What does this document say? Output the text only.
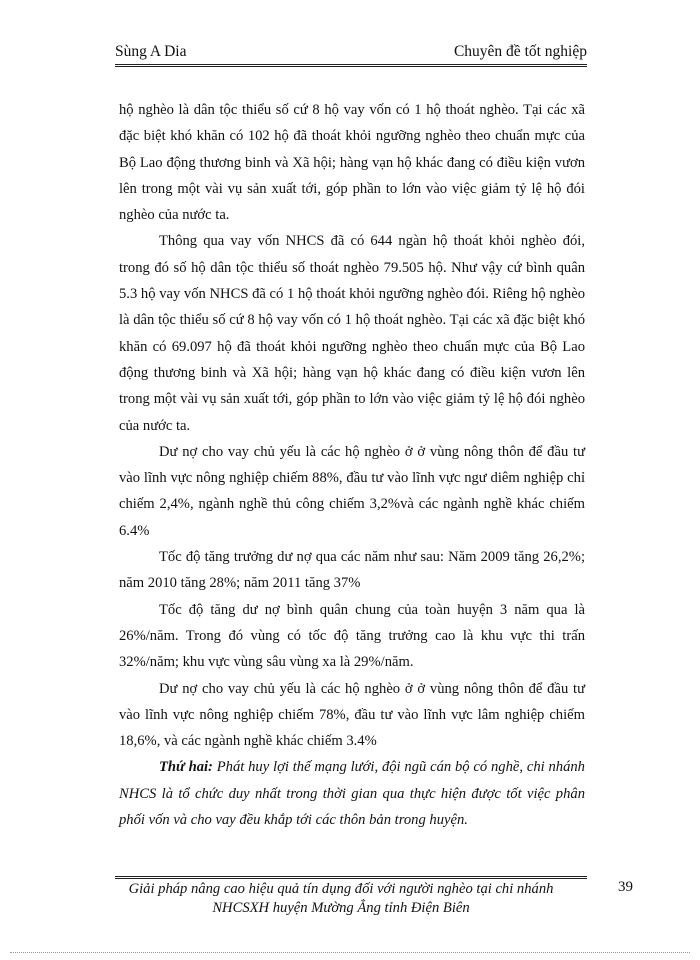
Sùng A Dia	Chuyên đề tốt nghiệp

hộ nghèo là dân tộc thiểu số cứ 8 hộ vay vốn có 1 hộ thoát nghèo. Tại các xã đặc biệt khó khăn có 102 hộ đã thoát khỏi ngưỡng nghèo theo chuẩn mực của Bộ Lao động thương binh và Xã hội; hàng vạn hộ khác đang có điều kiện vươn lên trong một vài vụ sản xuất tới, góp phần to lớn vào việc giảm tỷ lệ hộ đói nghèo của nước ta.

Thông qua vay vốn NHCS đã có 644 ngàn hộ thoát khỏi nghèo đói, trong đó số hộ dân tộc thiểu số thoát nghèo 79.505 hộ. Như vậy cứ bình quân 5.3 hộ vay vốn NHCS đã có 1 hộ thoát khỏi ngưỡng nghèo đói. Riêng hộ nghèo là dân tộc thiểu số cứ 8 hộ vay vốn có 1 hộ thoát nghèo. Tại các xã đặc biệt khó khăn có 69.097 hộ đã thoát khỏi ngưỡng nghèo theo chuẩn mực của Bộ Lao động thương binh và Xã hội; hàng vạn hộ khác đang có điều kiện vươn lên trong một vài vụ sản xuất tới, góp phần to lớn vào việc giảm tỷ lệ hộ đói nghèo của nước ta.

Dư nợ cho vay chủ yếu là các hộ nghèo ở ở vùng nông thôn để đầu tư vào lĩnh vực nông nghiệp chiếm 88%, đầu tư vào lĩnh vực ngư diêm nghiệp chỉ chiếm 2,4%, ngành nghề thủ công chiếm 3,2%và các ngành nghề khác chiếm 6.4%

Tốc độ tăng trưởng dư nợ qua các năm như sau: Năm 2009 tăng 26,2%; năm 2010 tăng 28%; năm 2011 tăng 37%

Tốc độ tăng dư nợ bình quân chung của toàn huyện 3 năm qua là 26%/năm. Trong đó vùng có tốc độ tăng trưởng cao là khu vực thi trấn 32%/năm; khu vực vùng sâu vùng xa là 29%/năm.

Dư nợ cho vay chủ yếu là các hộ nghèo ở ở vùng nông thôn để đầu tư vào lĩnh vực nông nghiệp chiếm 78%, đầu tư vào lĩnh vực lâm nghiệp chiếm 18,6%, và các ngành nghề khác chiếm 3.4%

Thứ hai: Phát huy lợi thế mạng lưới, đội ngũ cán bộ có nghề, chi nhánh NHCS là tổ chức duy nhất trong thời gian qua thực hiện được tốt việc phân phối vốn và cho vay đều khắp tới các thôn bản trong huyện.

Giải pháp nâng cao hiệu quả tín dụng đối với người nghèo tại chi nhánh
NHCSXH huyện Mường Ẳng tỉnh Điện Biên
39
